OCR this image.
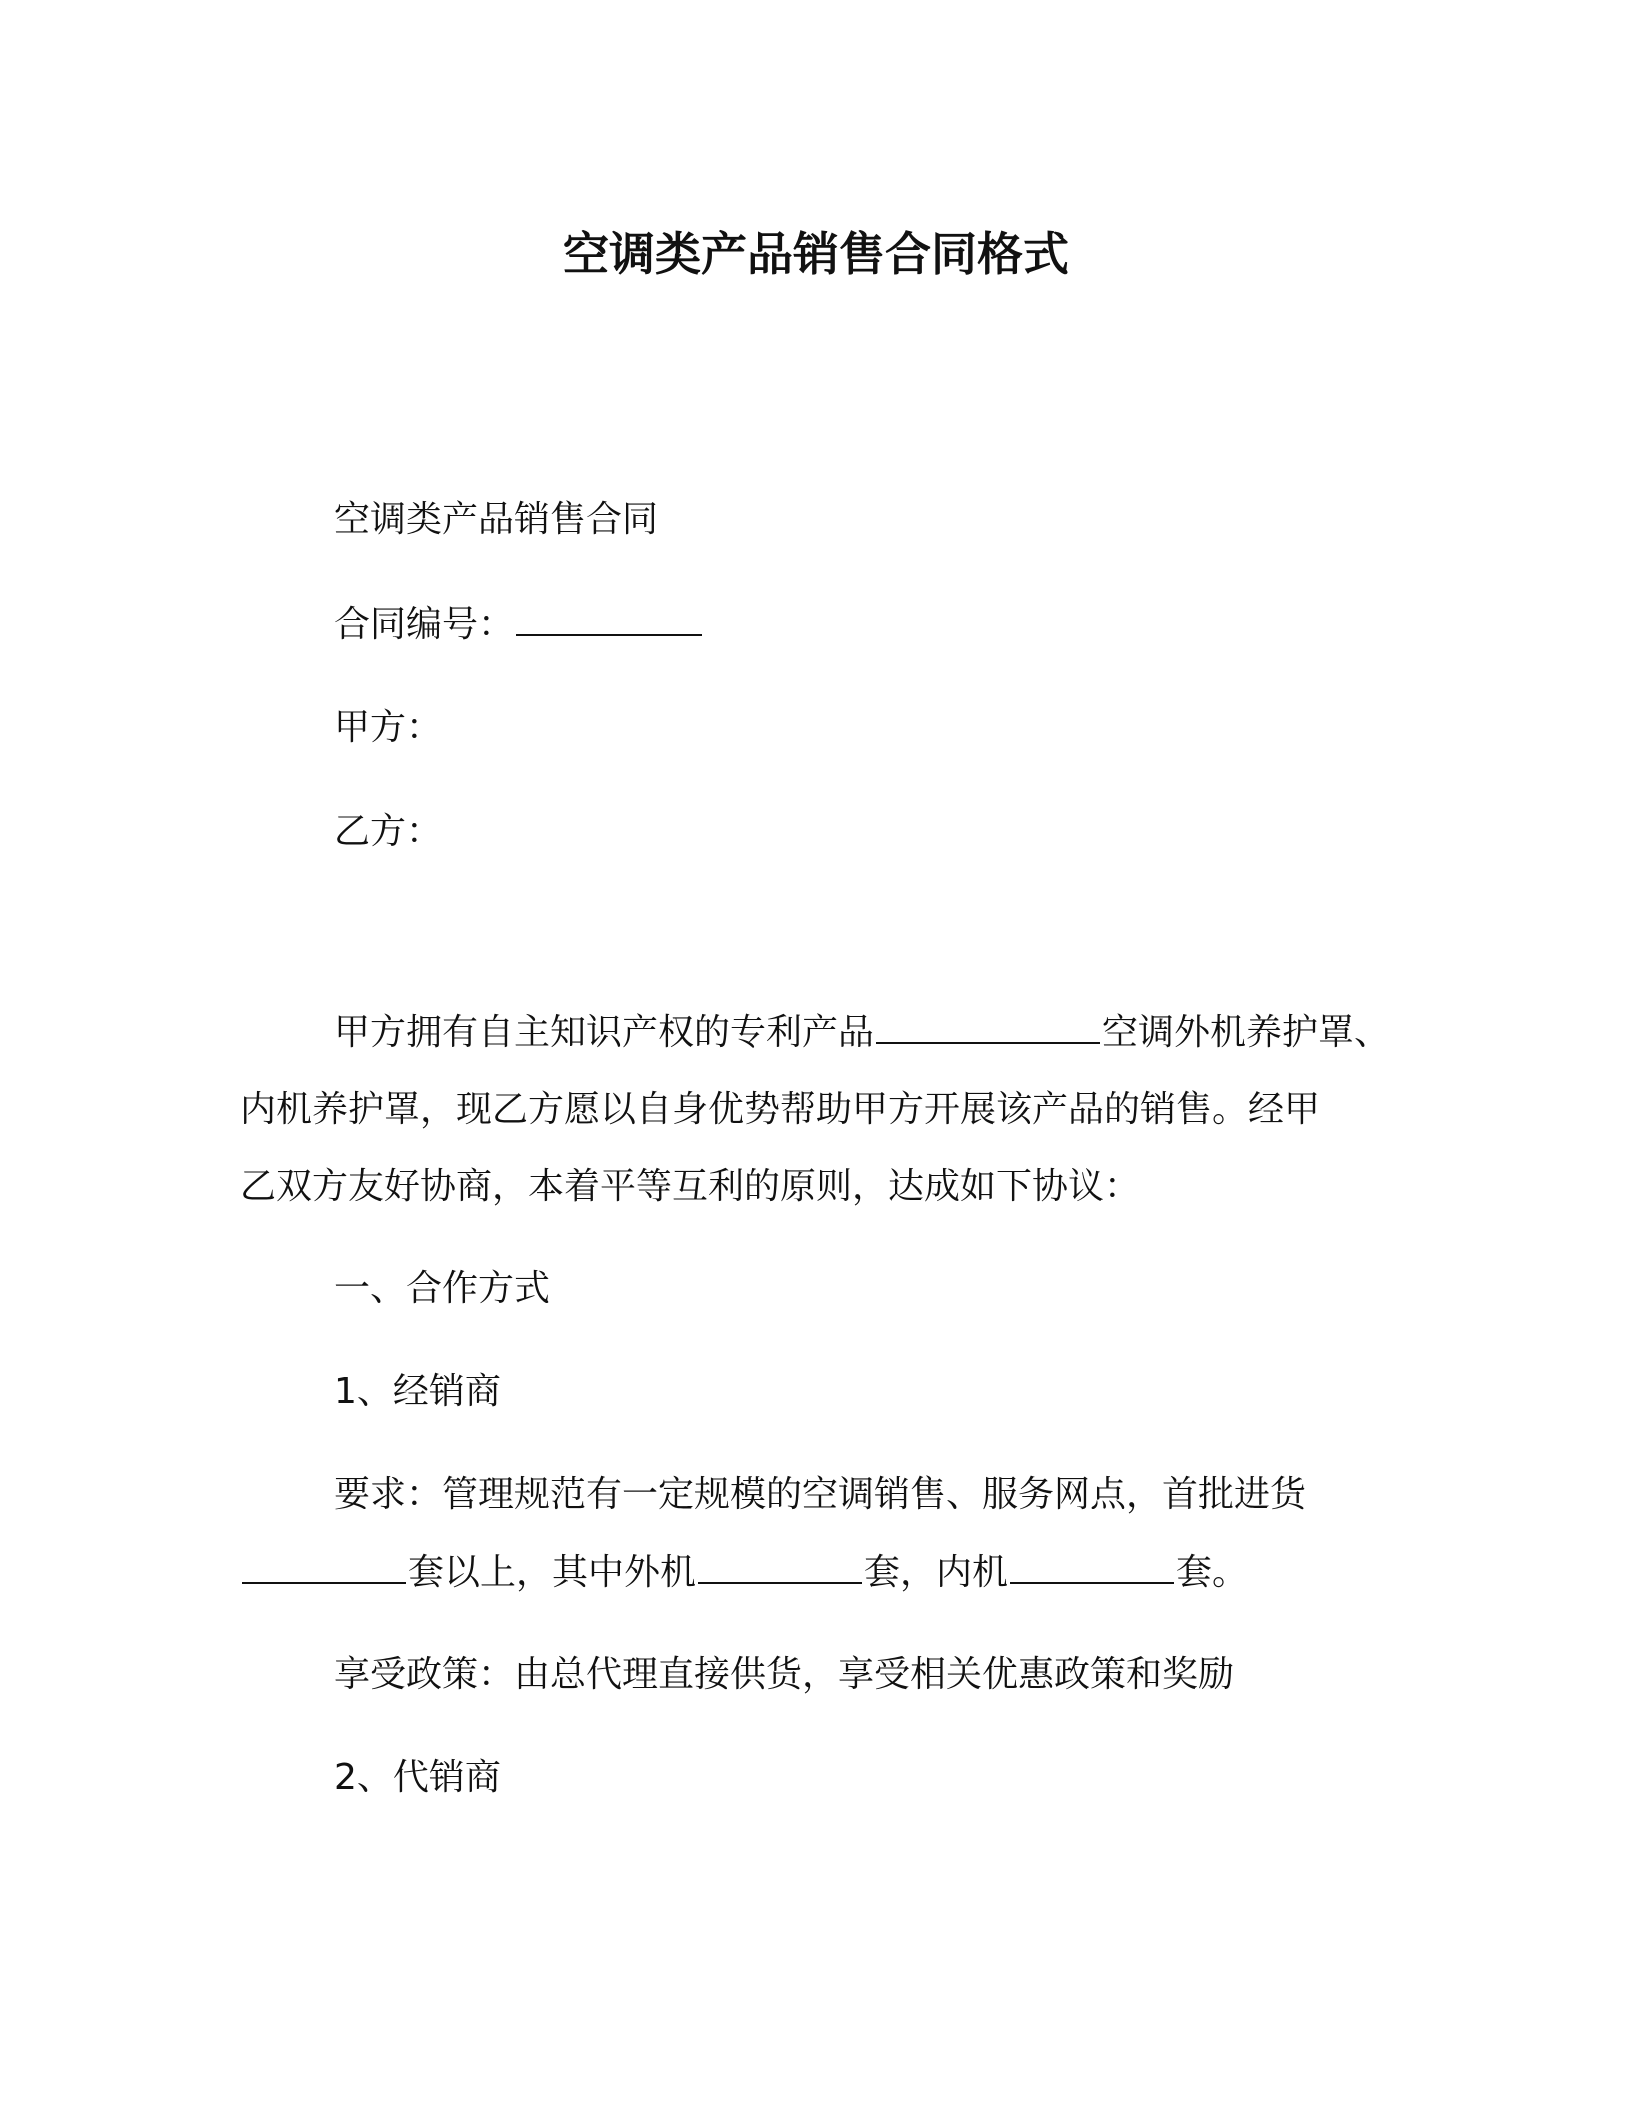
空调类产品销售合同格式
空调类产品销售合同
合同编号：
甲方：
乙方：
甲方拥有自主知识产权的专利产品	空调外机养护罩、
内机养护罩，现乙方愿以自身优势帮助甲方开展该产品的销售。经甲
乙双方友好协商，本着平等互利的原则，达成如下协议：
一、合作方式
1、经销商
要求：管理规范有一定规模的空调销售、服务网点，首批进货
套以上，其中外机	套，内机	套。
享受政策：由总代理直接供货，享受相关优惠政策和奖励
2、代销商
